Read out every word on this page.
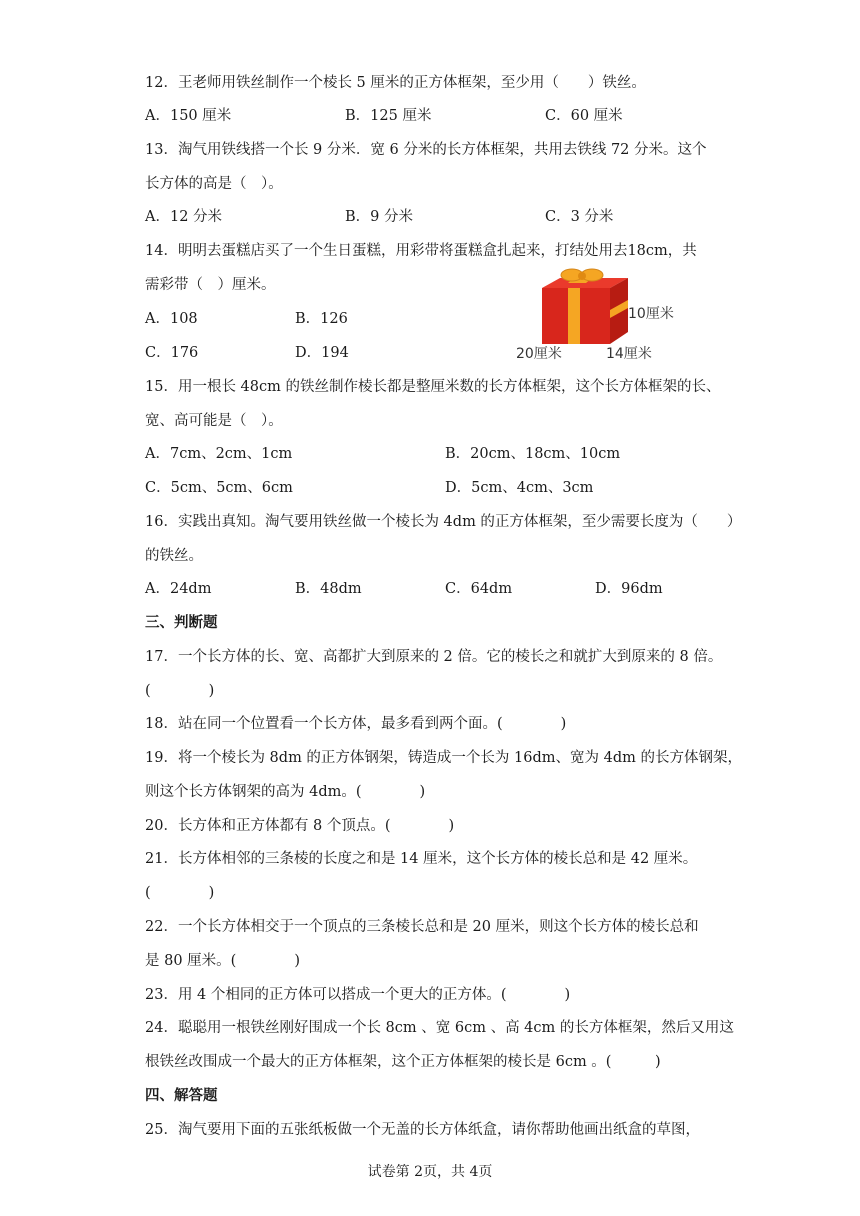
12．王老师用铁丝制作一个棱长 5 厘米的正方体框架，至少用（　　）铁丝。
A．150 厘米	B．125 厘米	C．60 厘米
13．淘气用铁线搭一个长 9 分米．宽 6 分米的长方体框架，共用去铁线 72 分米。这个
长方体的高是（　）。
A．12 分米	B．9 分米	C．3 分米
14．明明去蛋糕店买了一个生日蛋糕，用彩带将蛋糕盒扎起来，打结处用去18cm，共
需彩带（　）厘米。
A．108	B．126
C．176	D．194
10厘米
20厘米	14厘米
15．用一根长 48cm 的铁丝制作棱长都是整厘米数的长方体框架，这个长方体框架的长、
宽、高可能是（　）。
A．7cm、2cm、1cm	B．20cm、18cm、10cm
C．5cm、5cm、6cm	D．5cm、4cm、3cm
16．实践出真知。淘气要用铁丝做一个棱长为 4dm 的正方体框架，至少需要长度为（　　）
的铁丝。
A．24dm	B．48dm	C．64dm	D．96dm
三、判断题
17．一个长方体的长、宽、高都扩大到原来的 2 倍。它的棱长之和就扩大到原来的 8 倍。
(　　　　)
18．站在同一个位置看一个长方体，最多看到两个面。(　　　　)
19．将一个棱长为 8dm 的正方体钢架，铸造成一个长为 16dm、宽为 4dm 的长方体钢架，
则这个长方体钢架的高为 4dm。(　　　　)
20．长方体和正方体都有 8 个顶点。(　　　　)
21．长方体相邻的三条棱的长度之和是 14 厘米，这个长方体的棱长总和是 42 厘米。
(　　　　)
22．一个长方体相交于一个顶点的三条棱长总和是 20 厘米，则这个长方体的棱长总和
是 80 厘米。(　　　　)
23．用 4 个相同的正方体可以搭成一个更大的正方体。(　　　　)
24．聪聪用一根铁丝刚好围成一个长 8cm 、宽 6cm 、高 4cm 的长方体框架，然后又用这
根铁丝改围成一个最大的正方体框架，这个正方体框架的棱长是 6cm 。(　　　)
四、解答题
25．淘气要用下面的五张纸板做一个无盖的长方体纸盒，请你帮助他画出纸盒的草图，
试卷第 2页，共 4页
